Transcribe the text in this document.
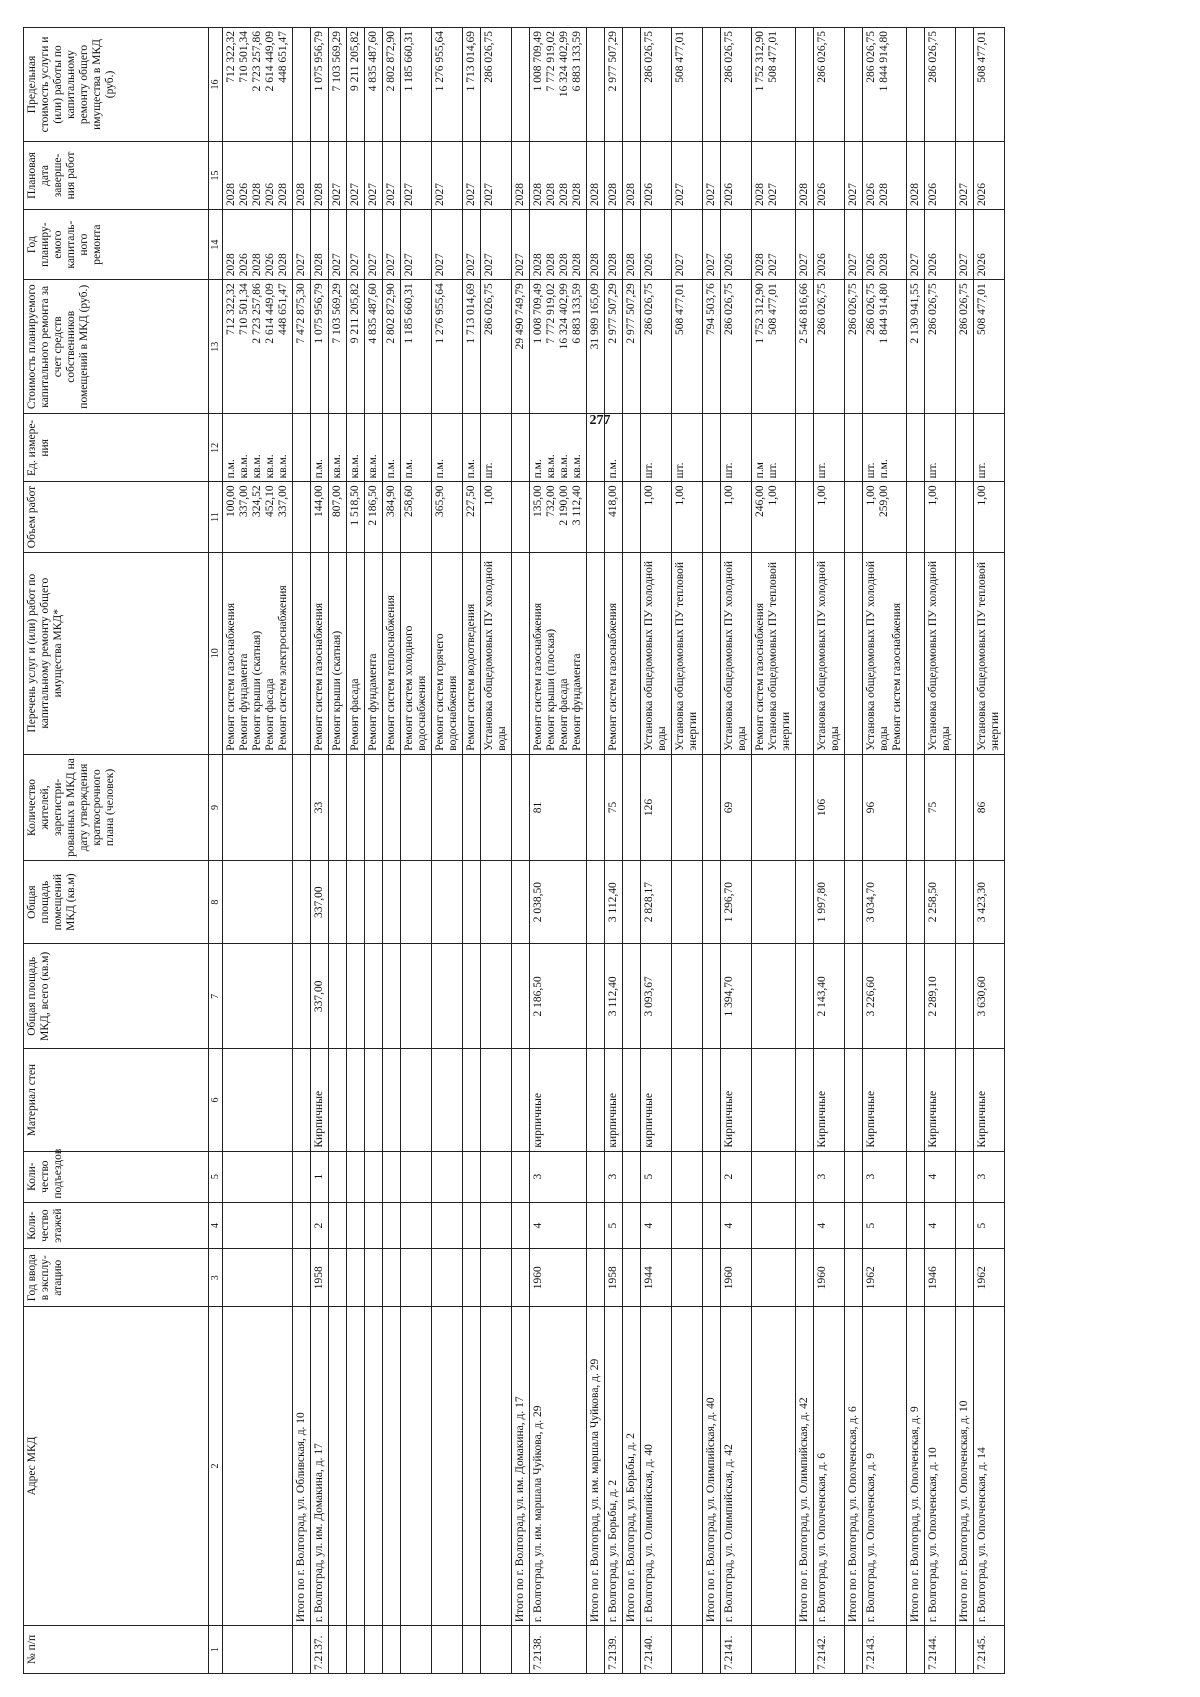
277
№ п/п	Адрес МКД	Год ввода в эксплу-атацию	Коли-чество этажей	Коли-чество подъездов	Материал стен	Общая площадь МКД, всего (кв.м)	Общая площадь помещений МКД (кв.м)	Количество жителей, зарегистри-рованных в МКД на дату утверждения краткосрочного плана (человек)	Перечень услуг и (или) работ по капитальному ремонту общего имущества МКД*	Объем работ	Ед. измере-ния	Стоимость планируемого капитального ремонта за счет средств собственников помещений в МКД (руб.)	Год планиру-емого капиталь-ного ремонта	Плановая дата заверше-ния работ	Предельная стоимость услуги и (или) работы по капитальному ремонту общего имущества в МКД (руб.)
1	2	3	4	5	6	7	8	9	10	11	12	13	14	15	16

									Ремонт систем газоснабжения Ремонт фундамента Ремонт крыши (скатная) Ремонт фасада Ремонт систем электроснабжения	100,00 337,00 324,52 452,10 337,00	п.м. кв.м. кв.м. кв.м. кв.м.	712 322,32 710 501,34 2 723 257,86 2 614 449,09 448 651,47	2028 2026 2028 2026 2028	2028 2026 2028 2026 2028	712 322,32 710 501,34 2 723 257,86 2 614 449,09 448 651,47

	Итого по г. Волгоград, ул. Обливская, д. 10											7 472 875,30	2027	2028	

7.2137.	г. Волгоград, ул. им. Домакина, д. 17	1958	2	1	Кирпичные	337,00	337,00	33	Ремонт систем газоснабжения	144,00	п.м.	1 075 956,79	2028	2028	1 075 956,79

									Ремонт крыши (скатная)	807,00	кв.м.	7 103 569,29	2027	2027	7 103 569,29

									Ремонт фасада	1 518,50	кв.м.	9 211 205,82	2027	2027	9 211 205,82

									Ремонт фундамента	2 186,50	кв.м.	4 835 487,60	2027	2027	4 835 487,60

									Ремонт систем теплоснабжения	384,90	п.м.	2 802 872,90	2027	2027	2 802 872,90

									Ремонт систем холодного водоснабжения	258,60	п.м.	1 185 660,31	2027	2027	1 185 660,31

									Ремонт систем горячего водоснабжения	365,90	п.м.	1 276 955,64	2027	2027	1 276 955,64

									Ремонт систем водоотведения	227,50	п.м.	1 713 014,69	2027	2027	1 713 014,69

									Установка общедомовых ПУ холодной воды	1,00	шт.	286 026,75	2027	2027	286 026,75

	Итого по г. Волгоград, ул. им. Домакина, д. 17											29 490 749,79	2027	2028	

7.2138.	г. Волгоград, ул. им. маршала Чуйкова, д. 29	1960	4	3	кирпичные	2 186,50	2 038,50	81	Ремонт систем газоснабжения Ремонт крыши (плоская) Ремонт фасада Ремонт фундамента	135,00 732,00 2 190,00 3 112,40	п.м. кв.м. кв.м. кв.м.	1 008 709,49 7 772 919,02 16 324 402,99 6 883 133,59	2028 2028 2028 2028	2028 2028 2028 2028	1 008 709,49 7 772 919,02 16 324 402,99 6 883 133,59

	Итого по г. Волгоград, ул. им. маршала Чуйкова, д. 29											31 989 165,09	2028	2028	

7.2139.	г. Волгоград, ул. Борьбы, д. 2	1958	5	3	кирпичные	3 112,40	3 112,40	75	Ремонт систем газоснабжения	418,00	п.м.	2 977 507,29	2028	2028	2 977 507,29

	Итого по г. Волгоград, ул. Борьбы, д. 2											2 977 507,29	2028	2028	

7.2140.	г. Волгоград, ул. Олимпийская, д. 40	1944	4	5	кирпичные	3 093,67	2 828,17	126	Установка общедомовых ПУ холодной воды	1,00	шт.	286 026,75	2026	2026	286 026,75

									Установка общедомовых ПУ тепловой энергии	1,00	шт.	508 477,01	2027	2027	508 477,01

	Итого по г. Волгоград, ул. Олимпийская, д. 40											794 503,76	2027	2027	

7.2141.	г. Волгоград, ул. Олимпийская, д. 42	1960	4	2	Кирпичные	1 394,70	1 296,70	69	Установка общедомовых ПУ холодной воды	1,00	шт.	286 026,75	2026	2026	286 026,75

									Ремонт систем газоснабжения Установка общедомовых ПУ тепловой энергии	246,00 1,00	п.м шт.	1 752 312,90 508 477,01	2028 2027	2028 2027	1 752 312,90 508 477,01

	Итого по г. Волгоград, ул. Олимпийская, д. 42											2 546 816,66	2027	2028	

7.2142.	г. Волгоград, ул. Ополченская, д. 6	1960	4	3	Кирпичные	2 143,40	1 997,80	106	Установка общедомовых ПУ холодной воды	1,00	шт.	286 026,75	2026	2026	286 026,75

	Итого по г. Волгоград, ул. Ополченская, д. 6											286 026,75	2027	2027	

7.2143.	г. Волгоград, ул. Ополченская, д. 9	1962	5	3	Кирпичные	3 226,60	3 034,70	96	Установка общедомовых ПУ холодной воды Ремонт систем газоснабжения	1,00 259,00	шт. п.м.	286 026,75 1 844 914,80	2026 2028	2026 2028	286 026,75 1 844 914,80

	Итого по г. Волгоград, ул. Ополченская, д. 9											2 130 941,55	2027	2028	

7.2144.	г. Волгоград, ул. Ополченская, д. 10	1946	4	4	Кирпичные	2 289,10	2 258,50	75	Установка общедомовых ПУ холодной воды	1,00	шт.	286 026,75	2026	2026	286 026,75

	Итого по г. Волгоград, ул. Ополченская, д. 10											286 026,75	2027	2027	

7.2145.	г. Волгоград, ул. Ополченская, д. 14	1962	5	3	Кирпичные	3 630,60	3 423,30	86	Установка общедомовых ПУ тепловой энергии	1,00	шт.	508 477,01	2026	2026	508 477,01
